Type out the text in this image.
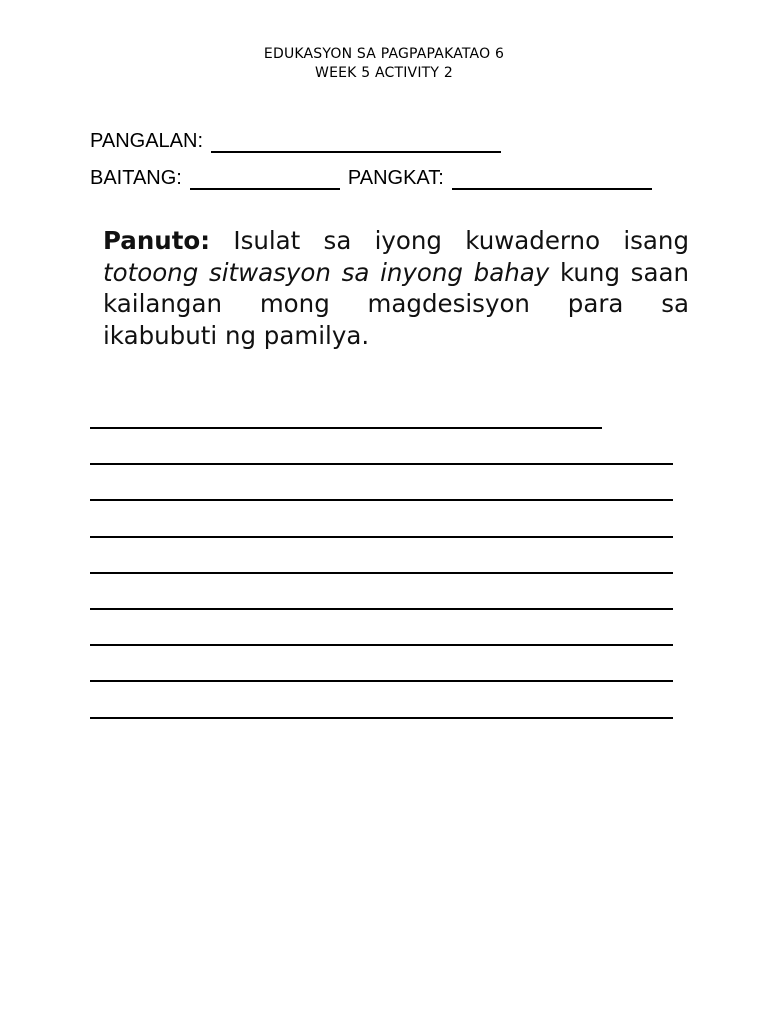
EDUKASYON SA PAGPAPAKATAO 6
WEEK 5 ACTIVITY 2
PANGALAN:
BAITANG:	PANGKAT:
Panuto: Isulat sa iyong kuwaderno isang totoong sitwasyon sa inyong bahay kung saan kailangan mong magdesisyon para sa ikabubuti ng pamilya.
